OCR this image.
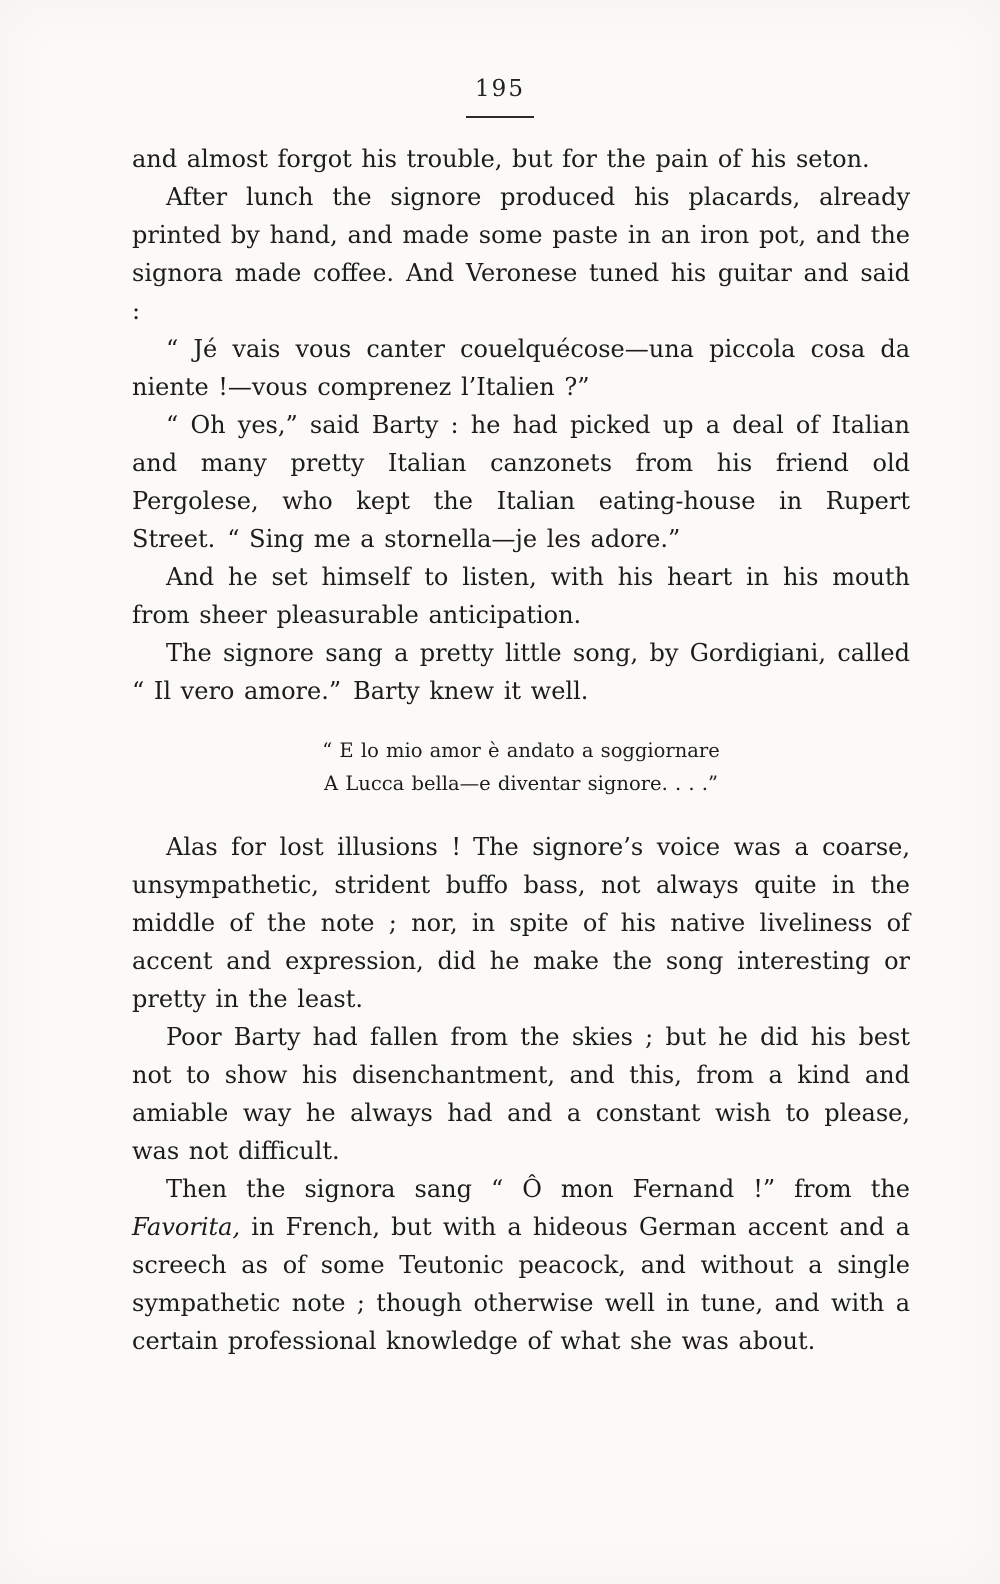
195

and almost forgot his trouble, but for the pain of his seton.

After lunch the signore produced his placards, already printed by hand, and made some paste in an iron pot, and the signora made coffee. And Veronese tuned his guitar and said :

“ Jé vais vous canter couelquécose—una piccola cosa da niente !—vous comprenez l’Italien ?”

“ Oh yes,” said Barty : he had picked up a deal of Italian and many pretty Italian canzonets from his friend old Pergolese, who kept the Italian eating-house in Rupert Street. “ Sing me a stornella—je les adore.”

And he set himself to listen, with his heart in his mouth from sheer pleasurable anticipation.

The signore sang a pretty little song, by Gordigiani, called “ Il vero amore.” Barty knew it well.

“ E lo mio amor è andato a soggiornare
A Lucca bella—e diventar signore. . . .”

Alas for lost illusions ! The signore’s voice was a coarse, unsympathetic, strident buffo bass, not always quite in the middle of the note ; nor, in spite of his native liveliness of accent and expression, did he make the song interesting or pretty in the least.

Poor Barty had fallen from the skies ; but he did his best not to show his disenchantment, and this, from a kind and amiable way he always had and a constant wish to please, was not difficult.

Then the signora sang “ Ô mon Fernand !” from the Favorita, in French, but with a hideous German accent and a screech as of some Teutonic peacock, and without a single sympathetic note ; though otherwise well in tune, and with a certain professional knowledge of what she was about.
